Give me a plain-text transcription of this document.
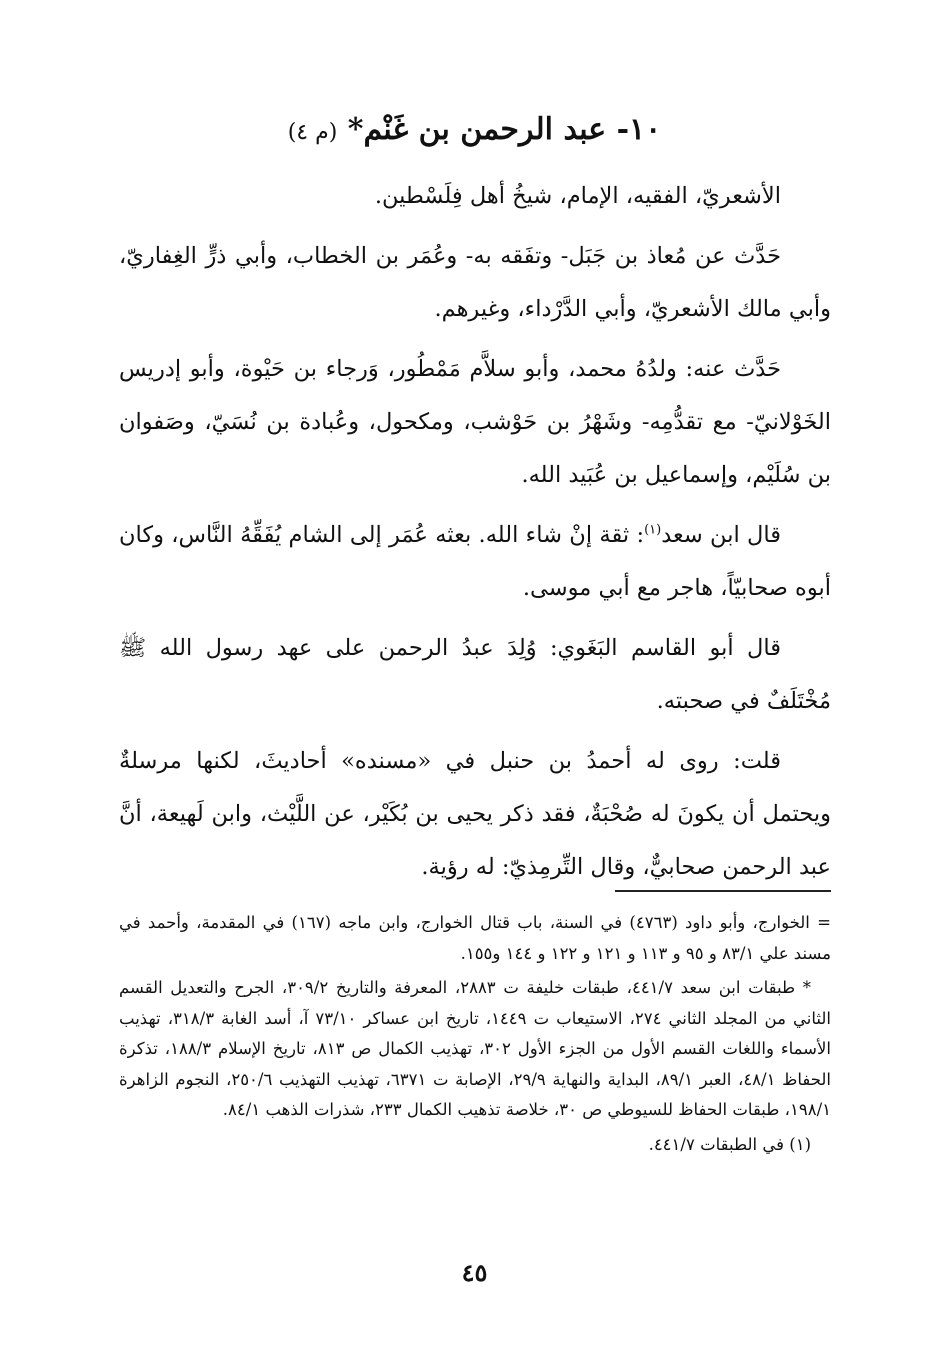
١٠- عبد الرحمن بن غَنْم* (م ٤)

الأشعريّ، الفقيه، الإمام، شيخُ أهل فِلَسْطين.

حَدَّث عن مُعاذ بن جَبَل- وتفَقه به- وعُمَر بن الخطاب، وأبي ذرٍّ الغِفاريّ، وأبي مالك الأشعريّ، وأبي الدَّرْداء، وغيرهم.

حَدَّث عنه: ولدُهُ محمد، وأبو سلاَّم مَمْطُور، وَرجاء بن حَيْوة، وأبو إدريس الخَوْلانيّ- مع تقدُّمِه- وشَهْرُ بن حَوْشب، ومكحول، وعُبادة بن نُسَيّ، وصَفوان بن سُلَيْم، وإسماعيل بن عُبَيد الله.

قال ابن سعد$^{(١)}$: ثقة إنْ شاء الله. بعثه عُمَر إلى الشام يُفَقِّهُ النَّاس، وكان أبوه صحابيّاً، هاجر مع أبي موسى.

قال أبو القاسم البَغَوي: وُلِدَ عبدُ الرحمن على عهد رسول الله ﷺ مُخْتَلَفٌ في صحبته.

قلت: روى له أحمدُ بن حنبل في «مسنده» أحاديثَ، لكنها مرسلةٌ ويحتمل أن يكونَ له صُحْبَةٌ، فقد ذكر يحيى بن بُكَيْر، عن اللَّيْث، وابن لَهيعة، أنَّ عبد الرحمن صحابيٌّ، وقال التِّرمِذيّ: له رؤية.

= الخوارج، وأبو داود (٤٧٦٣) في السنة، باب قتال الخوارج، وابن ماجه (١٦٧) في المقدمة، وأحمد في مسند علي ٨٣/١ و ٩٥ و ١١٣ و ١٢١ و ١٢٢ و ١٤٤ و١٥٥.

* طبقات ابن سعد ٤٤١/٧، طبقات خليفة ت ٢٨٨٣، المعرفة والتاريخ ٣٠٩/٢، الجرح والتعديل القسم الثاني من المجلد الثاني ٢٧٤، الاستيعاب ت ١٤٤٩، تاريخ ابن عساكر ٧٣/١٠ آ، أسد الغابة ٣١٨/٣، تهذيب الأسماء واللغات القسم الأول من الجزء الأول ٣٠٢، تهذيب الكمال ص ٨١٣، تاريخ الإسلام ١٨٨/٣، تذكرة الحفاظ ٤٨/١، العبر ٨٩/١، البداية والنهاية ٢٩/٩، الإصابة ت ٦٣٧١، تهذيب التهذيب ٢٥٠/٦، النجوم الزاهرة ١٩٨/١، طبقات الحفاظ للسيوطي ص ٣٠، خلاصة تذهيب الكمال ٢٣٣، شذرات الذهب ٨٤/١.

(١) في الطبقات ٤٤١/٧.

٤٥
